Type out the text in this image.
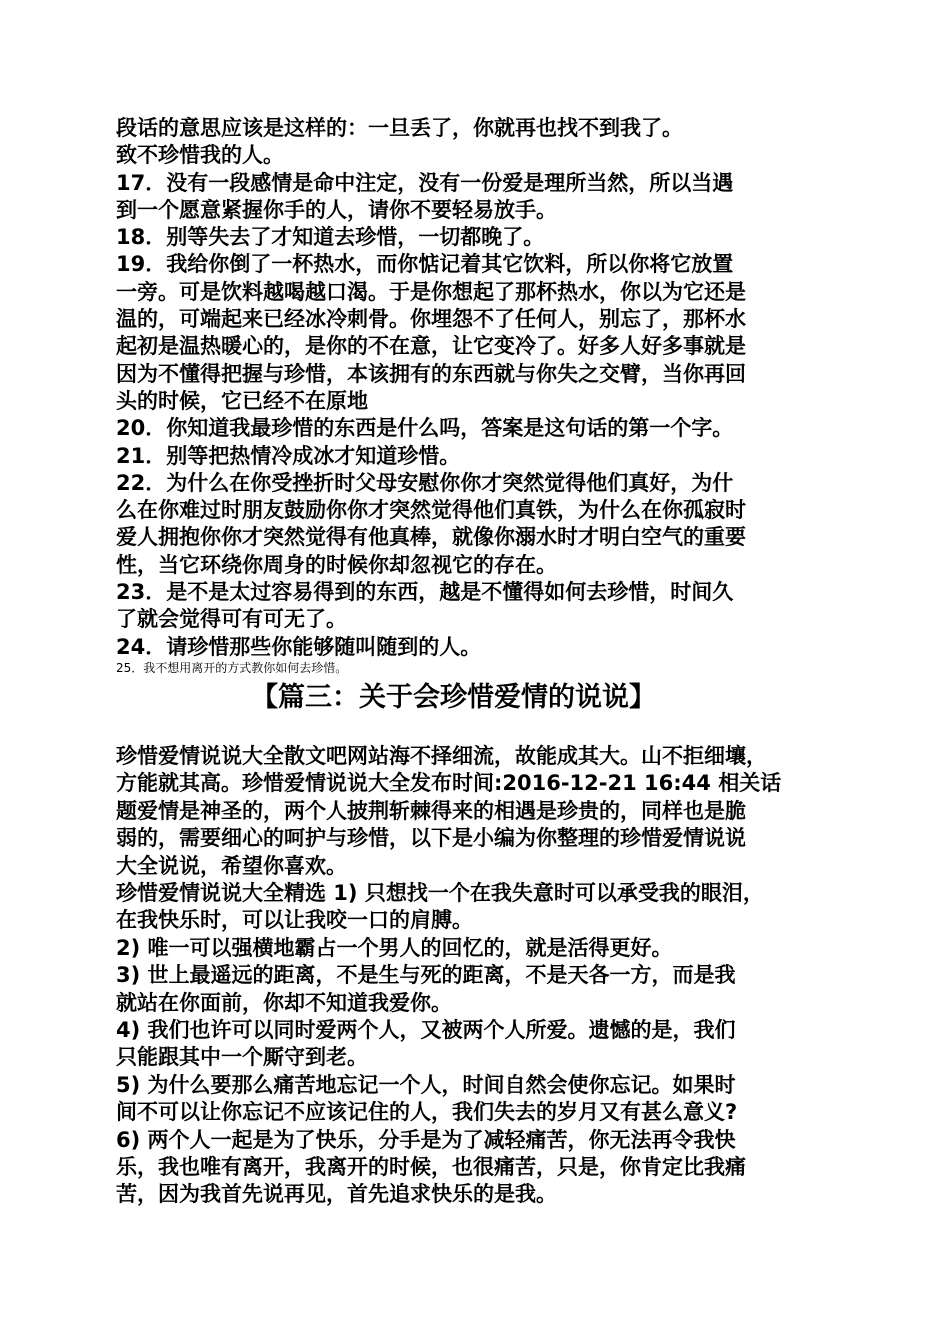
段话的意思应该是这样的：一旦丢了，你就再也找不到我了。

致不珍惜我的人。

17．没有一段感情是命中注定，没有一份爱是理所当然，所以当遇

到一个愿意紧握你手的人，请你不要轻易放手。

18．别等失去了才知道去珍惜，一切都晚了。

19．我给你倒了一杯热水，而你惦记着其它饮料，所以你将它放置

一旁。可是饮料越喝越口渴。于是你想起了那杯热水，你以为它还是

温的，可端起来已经冰冷刺骨。你埋怨不了任何人，别忘了，那杯水

起初是温热暖心的，是你的不在意，让它变冷了。好多人好多事就是

因为不懂得把握与珍惜，本该拥有的东西就与你失之交臂，当你再回

头的时候，它已经不在原地

20．你知道我最珍惜的东西是什么吗，答案是这句话的第一个字。

21．别等把热情冷成冰才知道珍惜。

22．为什么在你受挫折时父母安慰你你才突然觉得他们真好，为什

么在你难过时朋友鼓励你你才突然觉得他们真铁，为什么在你孤寂时

爱人拥抱你你才突然觉得有他真棒，就像你溺水时才明白空气的重要

性，当它环绕你周身的时候你却忽视它的存在。

23．是不是太过容易得到的东西，越是不懂得如何去珍惜，时间久

了就会觉得可有可无了。

24．请珍惜那些你能够随叫随到的人。

25．我不想用离开的方式教你如何去珍惜。

【篇三：关于会珍惜爱情的说说】

珍惜爱情说说大全散文吧网站海不择细流，故能成其大。山不拒细壤，

方能就其高。珍惜爱情说说大全发布时间:2016-12-21 16:44 相关话

题爱情是神圣的，两个人披荆斩棘得来的相遇是珍贵的，同样也是脆

弱的，需要细心的呵护与珍惜，以下是小编为你整理的珍惜爱情说说

大全说说，希望你喜欢。

珍惜爱情说说大全精选 1) 只想找一个在我失意时可以承受我的眼泪，

在我快乐时，可以让我咬一口的肩膊。

2) 唯一可以强横地霸占一个男人的回忆的，就是活得更好。

3) 世上最遥远的距离，不是生与死的距离，不是天各一方，而是我

就站在你面前，你却不知道我爱你。

4) 我们也许可以同时爱两个人，又被两个人所爱。遗憾的是，我们

只能跟其中一个厮守到老。

5) 为什么要那么痛苦地忘记一个人，时间自然会使你忘记。如果时

间不可以让你忘记不应该记住的人，我们失去的岁月又有甚么意义?

6) 两个人一起是为了快乐，分手是为了减轻痛苦，你无法再令我快

乐，我也唯有离开，我离开的时候，也很痛苦，只是，你肯定比我痛

苦，因为我首先说再见，首先追求快乐的是我。
